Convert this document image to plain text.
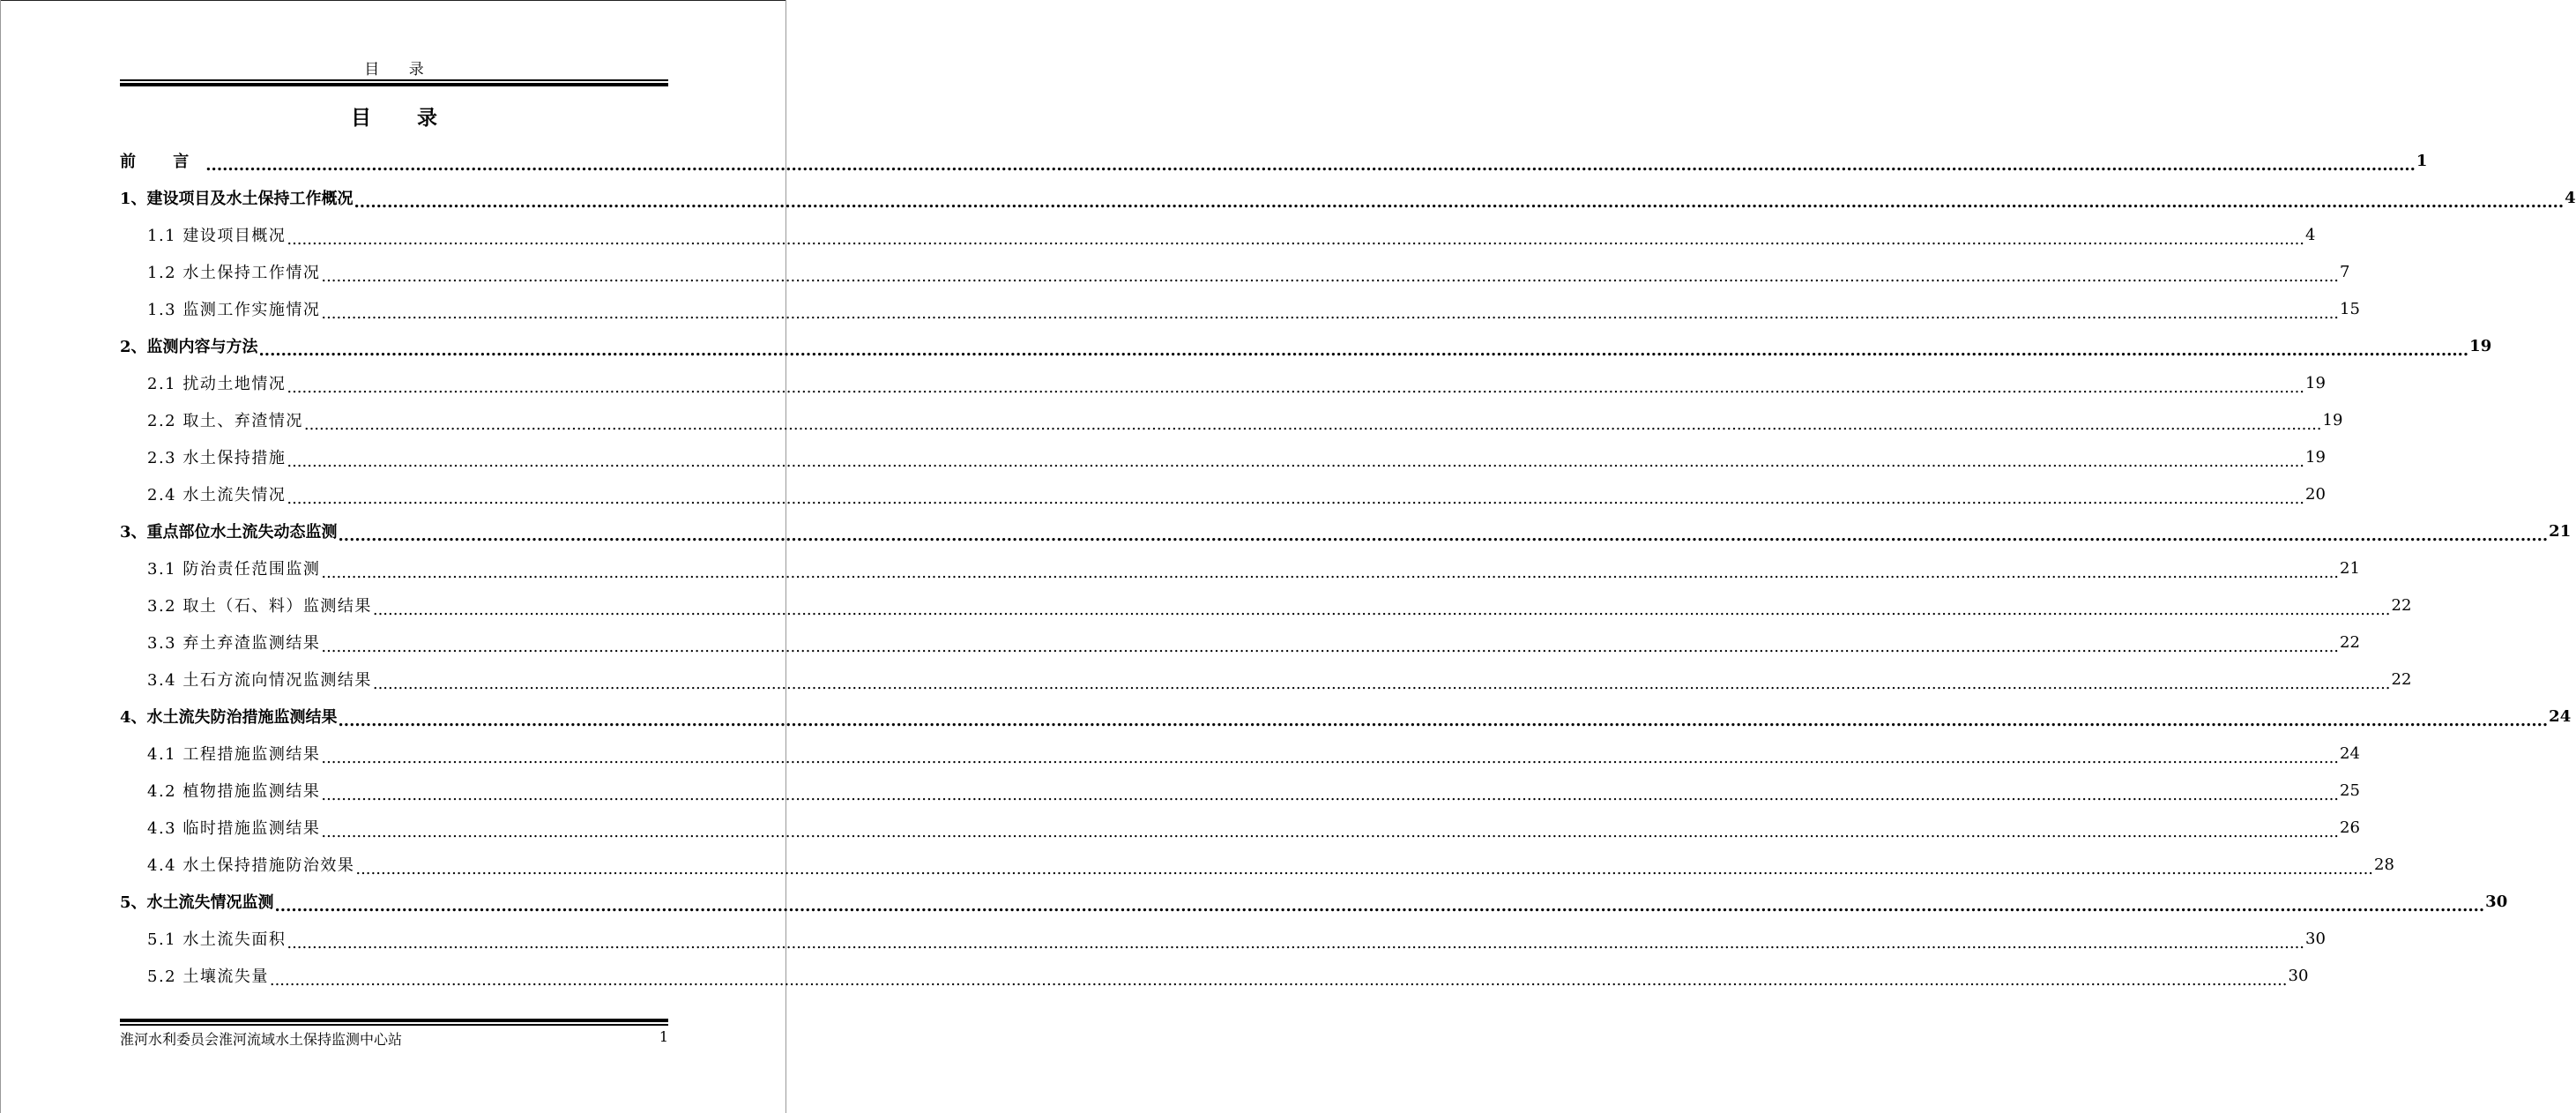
目 录
目 录
前 言 ................................................................................................................................................................................................................................................................................................................................................................................................................ 1
1、建设项目及水土保持工作概况 ................................................................................................................................................................................................................................................................................................................................................................................................................ 4
1.1 建设项目概况 ................................................................................................................................................................................................................................................................................................................................................................................................................ 4
1.2 水土保持工作情况 ................................................................................................................................................................................................................................................................................................................................................................................................................ 7
1.3 监测工作实施情况 ................................................................................................................................................................................................................................................................................................................................................................................................................ 15
2、监测内容与方法 ................................................................................................................................................................................................................................................................................................................................................................................................................ 19
2.1 扰动土地情况 ................................................................................................................................................................................................................................................................................................................................................................................................................ 19
2.2 取土、弃渣情况 ................................................................................................................................................................................................................................................................................................................................................................................................................ 19
2.3 水土保持措施 ................................................................................................................................................................................................................................................................................................................................................................................................................ 19
2.4 水土流失情况 ................................................................................................................................................................................................................................................................................................................................................................................................................ 20
3、重点部位水土流失动态监测 ................................................................................................................................................................................................................................................................................................................................................................................................................ 21
3.1 防治责任范围监测 ................................................................................................................................................................................................................................................................................................................................................................................................................ 21
3.2 取土（石、料）监测结果 ................................................................................................................................................................................................................................................................................................................................................................................................................ 22
3.3 弃土弃渣监测结果 ................................................................................................................................................................................................................................................................................................................................................................................................................ 22
3.4 土石方流向情况监测结果 ................................................................................................................................................................................................................................................................................................................................................................................................................ 22
4、水土流失防治措施监测结果 ................................................................................................................................................................................................................................................................................................................................................................................................................ 24
4.1 工程措施监测结果 ................................................................................................................................................................................................................................................................................................................................................................................................................ 24
4.2 植物措施监测结果 ................................................................................................................................................................................................................................................................................................................................................................................................................ 25
4.3 临时措施监测结果 ................................................................................................................................................................................................................................................................................................................................................................................................................ 26
4.4 水土保持措施防治效果 ................................................................................................................................................................................................................................................................................................................................................................................................................ 28
5、水土流失情况监测 ................................................................................................................................................................................................................................................................................................................................................................................................................ 30
5.1 水土流失面积 ................................................................................................................................................................................................................................................................................................................................................................................................................ 30
5.2 土壤流失量 ................................................................................................................................................................................................................................................................................................................................................................................................................ 30
淮河水利委员会淮河流域水土保持监测中心站	1
